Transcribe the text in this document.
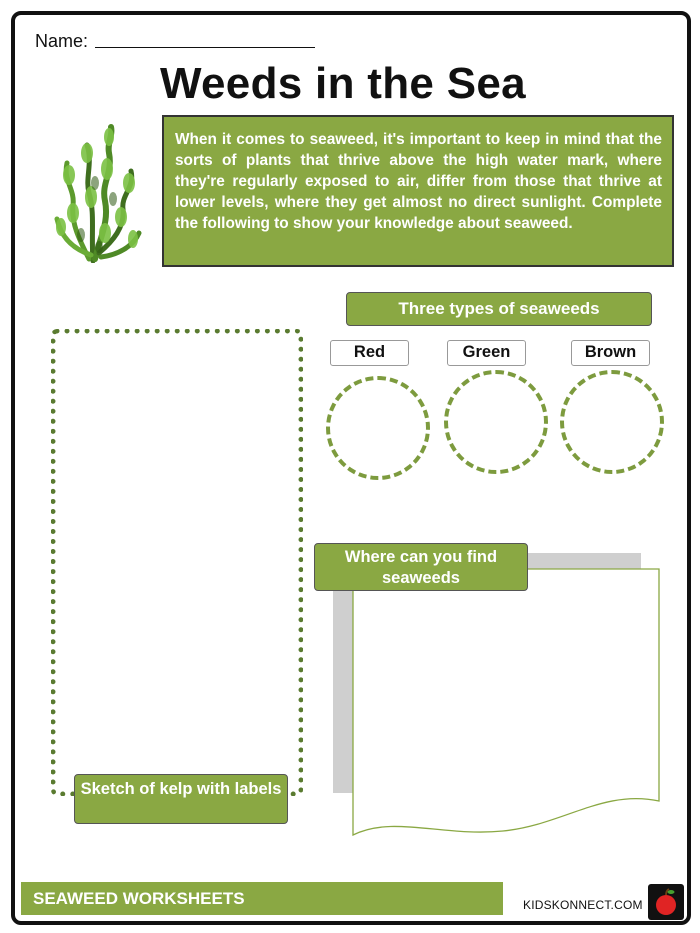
Name:
Weeds in the Sea
When it comes to seaweed, it's important to keep in mind that the sorts of plants that thrive above the high water mark, where they're regularly exposed to air, differ from those that thrive at lower levels, where they get almost no direct sunlight. Complete the following to show your knowledge about seaweed.
Three types of seaweeds
Red	Green	Brown
Sketch of kelp with labels
Where can you find seaweeds
SEAWEED WORKSHEETS	KIDSKONNECT.COM
